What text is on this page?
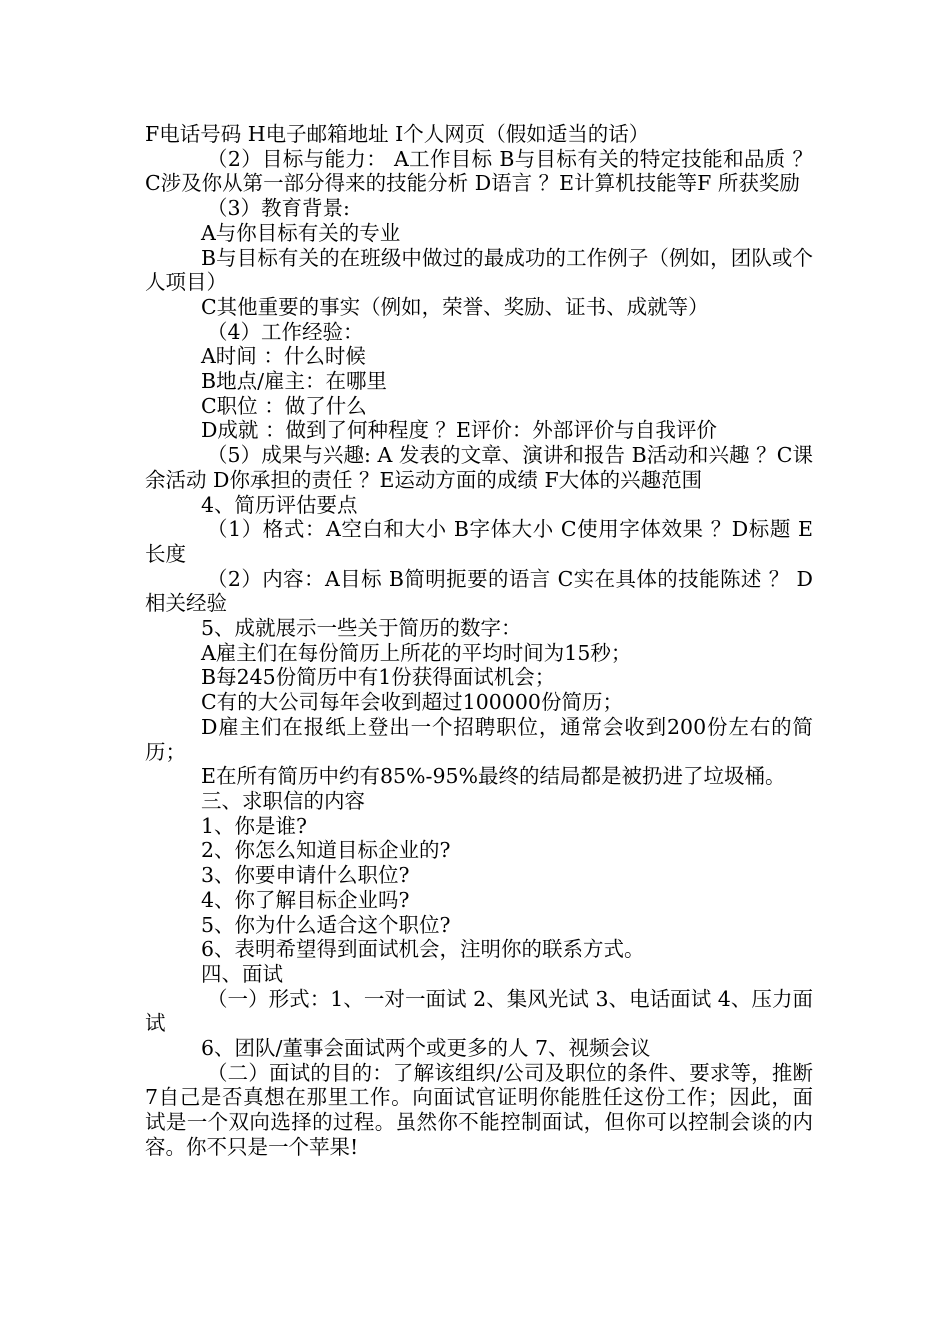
F电话号码 H电子邮箱地址 I个人网页（假如适当的话）

（2）目标与能力： A工作目标 B与目标有关的特定技能和品质 ？C涉及你从第一部分得来的技能分析 D语言 ？E计算机技能等F 所获奖励

（3）教育背景:

A与你目标有关的专业

B与目标有关的在班级中做过的最成功的工作例子（例如，团队或个人项目）

C其他重要的事实（例如，荣誉、奖励、证书、成就等）

（4）工作经验：

A时间 ：什么时候

B地点/雇主：在哪里

C职位 ：做了什么

D成就 ：做到了何种程度 ？E评价：外部评价与自我评价

（5）成果与兴趣: A 发表的文章、演讲和报告 B活动和兴趣 ？C课余活动 D你承担的责任 ？E运动方面的成绩 F大体的兴趣范围

4、简历评估要点

（1）格式：A空白和大小 B字体大小 C使用字体效果 ？D标题 E长度

（2）内容：A目标 B简明扼要的语言 C实在具体的技能陈述 ？ D相关经验

5、成就展示一些关于简历的数字：

A雇主们在每份简历上所花的平均时间为15秒；

B每245份简历中有1份获得面试机会；

C有的大公司每年会收到超过100000份简历；

D雇主们在报纸上登出一个招聘职位，通常会收到200份左右的简历；

E在所有简历中约有85%-95%最终的结局都是被扔进了垃圾桶。

三、求职信的内容

1、你是谁?

2、你怎么知道目标企业的?

3、你要申请什么职位?

4、你了解目标企业吗?

5、你为什么适合这个职位?

6、表明希望得到面试机会，注明你的联系方式。

四、面试

（一）形式：1、一对一面试 2、集风光试 3、电话面试 4、压力面试

6、团队/董事会面试两个或更多的人 7、视频会议

（二）面试的目的：了解该组织/公司及职位的条件、要求等，推断7自己是否真想在那里工作。向面试官证明你能胜任这份工作；因此，面试是一个双向选择的过程。虽然你不能控制面试，但你可以控制会谈的内容。你不只是一个苹果!
